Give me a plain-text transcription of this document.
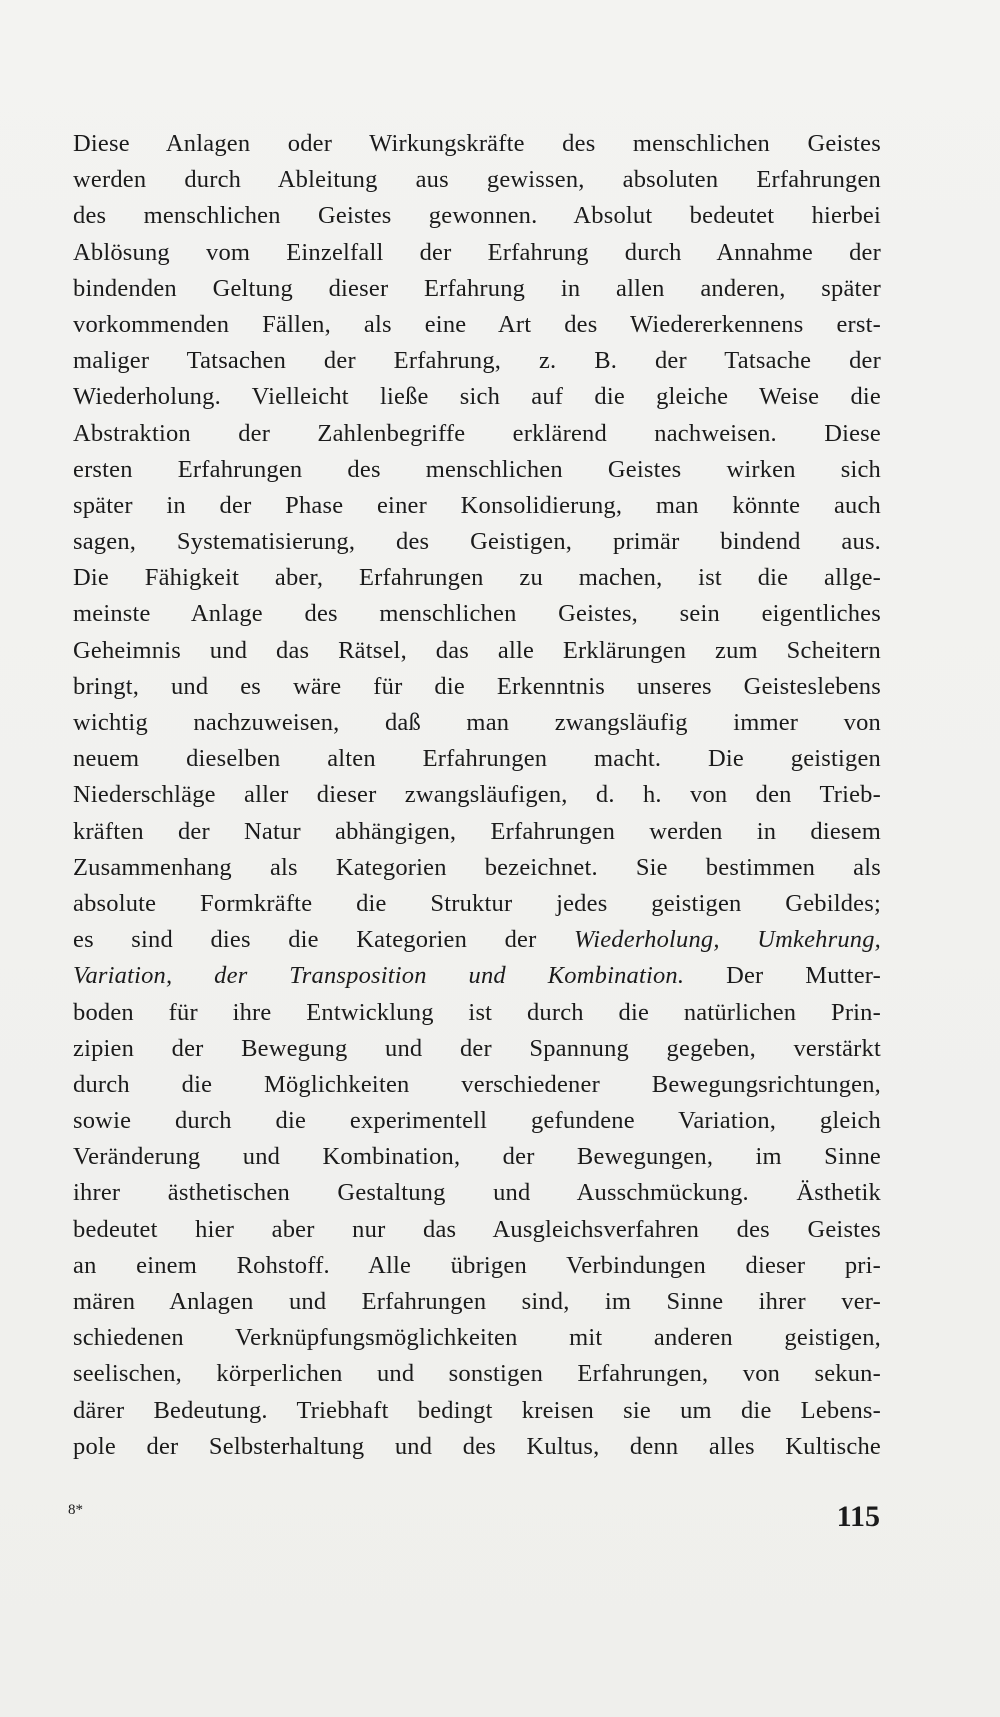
Diese Anlagen oder Wirkungskräfte des menschlichen Geistes
werden durch Ableitung aus gewissen, absoluten Erfahrungen
des menschlichen Geistes gewonnen. Absolut bedeutet hierbei
Ablösung vom Einzelfall der Erfahrung durch Annahme der
bindenden Geltung dieser Erfahrung in allen anderen, später
vorkommenden Fällen, als eine Art des Wiedererkennens erst-
maliger Tatsachen der Erfahrung, z. B. der Tatsache der
Wiederholung. Vielleicht ließe sich auf die gleiche Weise die
Abstraktion der Zahlenbegriffe erklärend nachweisen. Diese
ersten Erfahrungen des menschlichen Geistes wirken sich
später in der Phase einer Konsolidierung, man könnte auch
sagen, Systematisierung, des Geistigen, primär bindend aus.
Die Fähigkeit aber, Erfahrungen zu machen, ist die allge-
meinste Anlage des menschlichen Geistes, sein eigentliches
Geheimnis und das Rätsel, das alle Erklärungen zum Scheitern
bringt, und es wäre für die Erkenntnis unseres Geisteslebens
wichtig nachzuweisen, daß man zwangsläufig immer von
neuem dieselben alten Erfahrungen macht. Die geistigen
Niederschläge aller dieser zwangsläufigen, d. h. von den Trieb-
kräften der Natur abhängigen, Erfahrungen werden in diesem
Zusammenhang als Kategorien bezeichnet. Sie bestimmen als
absolute Formkräfte die Struktur jedes geistigen Gebildes;
es sind dies die Kategorien der Wiederholung, Umkehrung,
Variation, der Transposition und Kombination. Der Mutter-
boden für ihre Entwicklung ist durch die natürlichen Prin-
zipien der Bewegung und der Spannung gegeben, verstärkt
durch die Möglichkeiten verschiedener Bewegungsrichtungen,
sowie durch die experimentell gefundene Variation, gleich
Veränderung und Kombination, der Bewegungen, im Sinne
ihrer ästhetischen Gestaltung und Ausschmückung. Ästhetik
bedeutet hier aber nur das Ausgleichsverfahren des Geistes
an einem Rohstoff. Alle übrigen Verbindungen dieser pri-
mären Anlagen und Erfahrungen sind, im Sinne ihrer ver-
schiedenen Verknüpfungsmöglichkeiten mit anderen geistigen,
seelischen, körperlichen und sonstigen Erfahrungen, von sekun-
därer Bedeutung. Triebhaft bedingt kreisen sie um die Lebens-
pole der Selbsterhaltung und des Kultus, denn alles Kultische
8*	115
